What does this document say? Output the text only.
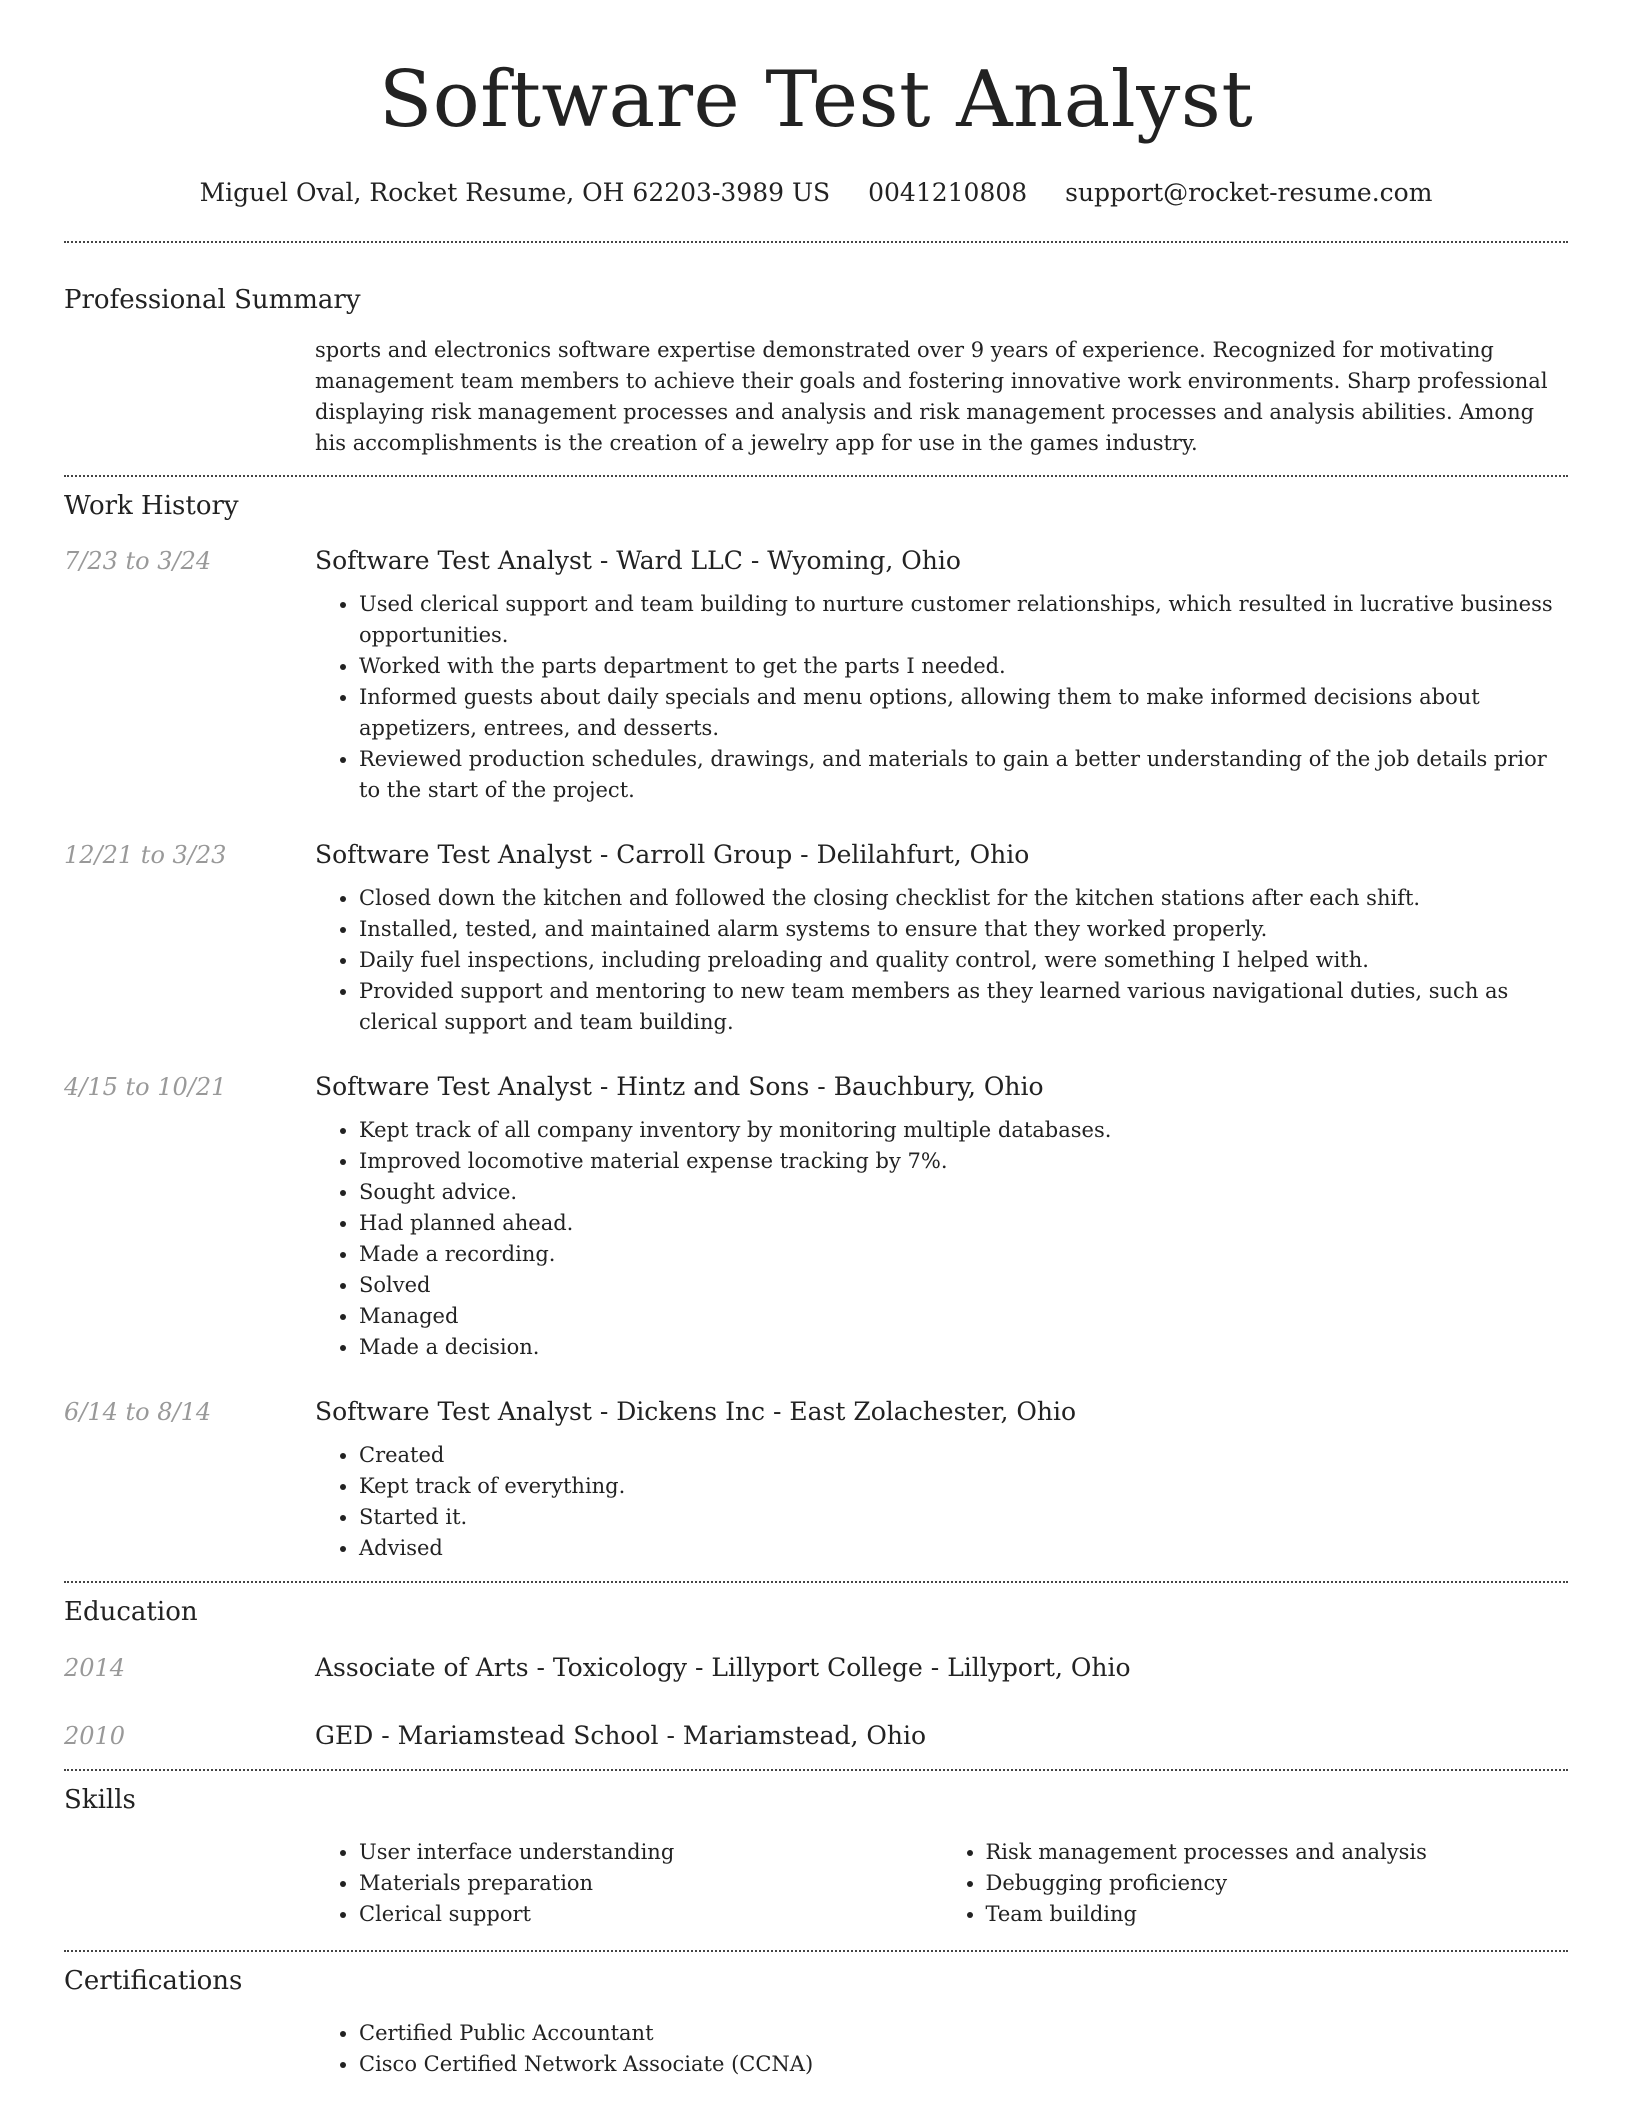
Software Test Analyst
Miguel Oval, Rocket Resume, OH 62203-3989 US 0041210808 support@rocket-resume.com
Professional Summary
sports and electronics software expertise demonstrated over 9 years of experience. Recognized for motivating management team members to achieve their goals and fostering innovative work environments. Sharp professional displaying risk management processes and analysis and risk management processes and analysis abilities. Among his accomplishments is the creation of a jewelry app for use in the games industry.
Work History
7/23 to 3/24	Software Test Analyst - Ward LLC - Wyoming, Ohio
• Used clerical support and team building to nurture customer relationships, which resulted in lucrative business opportunities.
• Worked with the parts department to get the parts I needed.
• Informed guests about daily specials and menu options, allowing them to make informed decisions about appetizers, entrees, and desserts.
• Reviewed production schedules, drawings, and materials to gain a better understanding of the job details prior to the start of the project.
12/21 to 3/23	Software Test Analyst - Carroll Group - Delilahfurt, Ohio
• Closed down the kitchen and followed the closing checklist for the kitchen stations after each shift.
• Installed, tested, and maintained alarm systems to ensure that they worked properly.
• Daily fuel inspections, including preloading and quality control, were something I helped with.
• Provided support and mentoring to new team members as they learned various navigational duties, such as clerical support and team building.
4/15 to 10/21	Software Test Analyst - Hintz and Sons - Bauchbury, Ohio
• Kept track of all company inventory by monitoring multiple databases.
• Improved locomotive material expense tracking by 7%.
• Sought advice.
• Had planned ahead.
• Made a recording.
• Solved
• Managed
• Made a decision.
6/14 to 8/14	Software Test Analyst - Dickens Inc - East Zolachester, Ohio
• Created
• Kept track of everything.
• Started it.
• Advised
Education
2014	Associate of Arts - Toxicology - Lillyport College - Lillyport, Ohio
2010	GED - Mariamstead School - Mariamstead, Ohio
Skills
• User interface understanding
• Materials preparation
• Clerical support
• Risk management processes and analysis
• Debugging proficiency
• Team building
Certifications
• Certified Public Accountant
• Cisco Certified Network Associate (CCNA)
